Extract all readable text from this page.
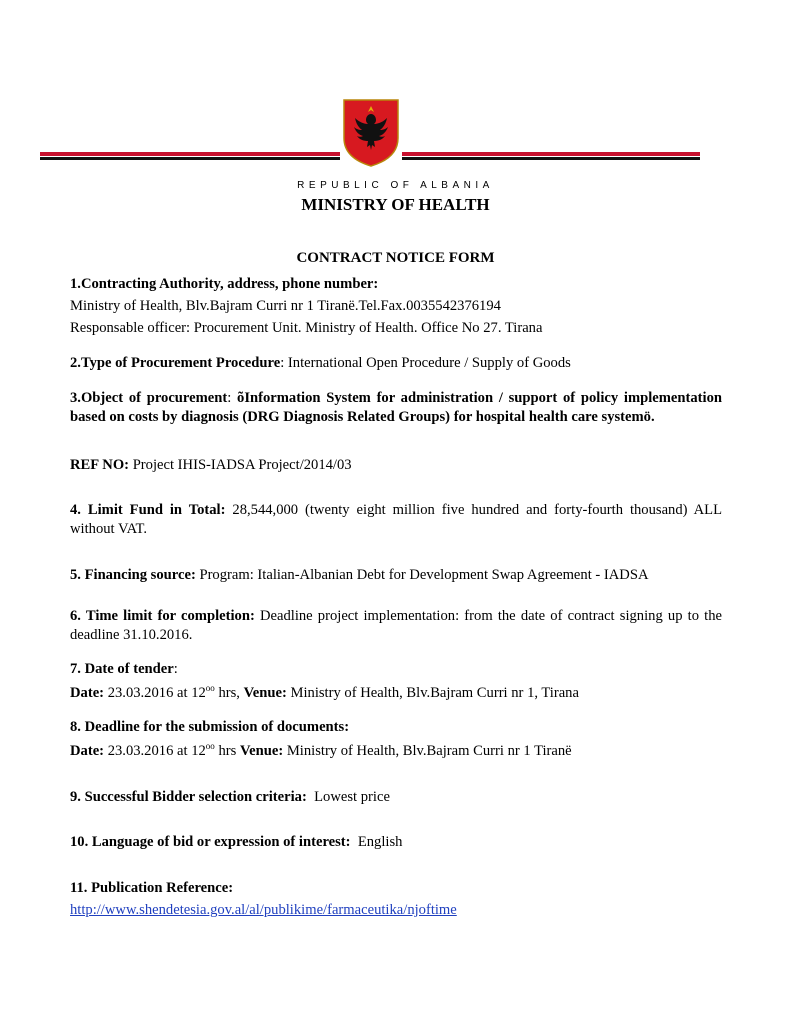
REPUBLIC OF ALBANIA
MINISTRY OF HEALTH
CONTRACT NOTICE FORM

1.Contracting Authority, address, phone number:

Ministry of Health, Blv.Bajram Curri nr 1 Tiranë.Tel.Fax.0035542376194

Responsable officer: Procurement Unit. Ministry of Health. Office No 27. Tirana

2.Type of Procurement Procedure: International Open Procedure / Supply of Goods

3.Object of procurement: õInformation System for administration / support of policy implementation based on costs by diagnosis (DRG Diagnosis Related Groups) for hospital health care systemö.

REF NO: Project IHIS-IADSA Project/2014/03

4. Limit Fund in Total: 28,544,000 (twenty eight million five hundred and forty-fourth thousand) ALL without VAT.

5. Financing source: Program: Italian-Albanian Debt for Development Swap Agreement - IADSA

6. Time limit for completion: Deadline project implementation: from the date of contract signing up to the deadline 31.10.2016.

7. Date of tender:

Date: 23.03.2016 at $12^{oo}$ hrs, Venue: Ministry of Health, Blv.Bajram Curri nr 1, Tirana

8. Deadline for the submission of documents:

Date: 23.03.2016 at $12^{oo}$ hrs Venue: Ministry of Health, Blv.Bajram Curri nr 1 Tiranë

9. Successful Bidder selection criteria:  Lowest price

10. Language of bid or expression of interest:  English

11. Publication Reference:

http://www.shendetesia.gov.al/al/publikime/farmaceutika/njoftime
